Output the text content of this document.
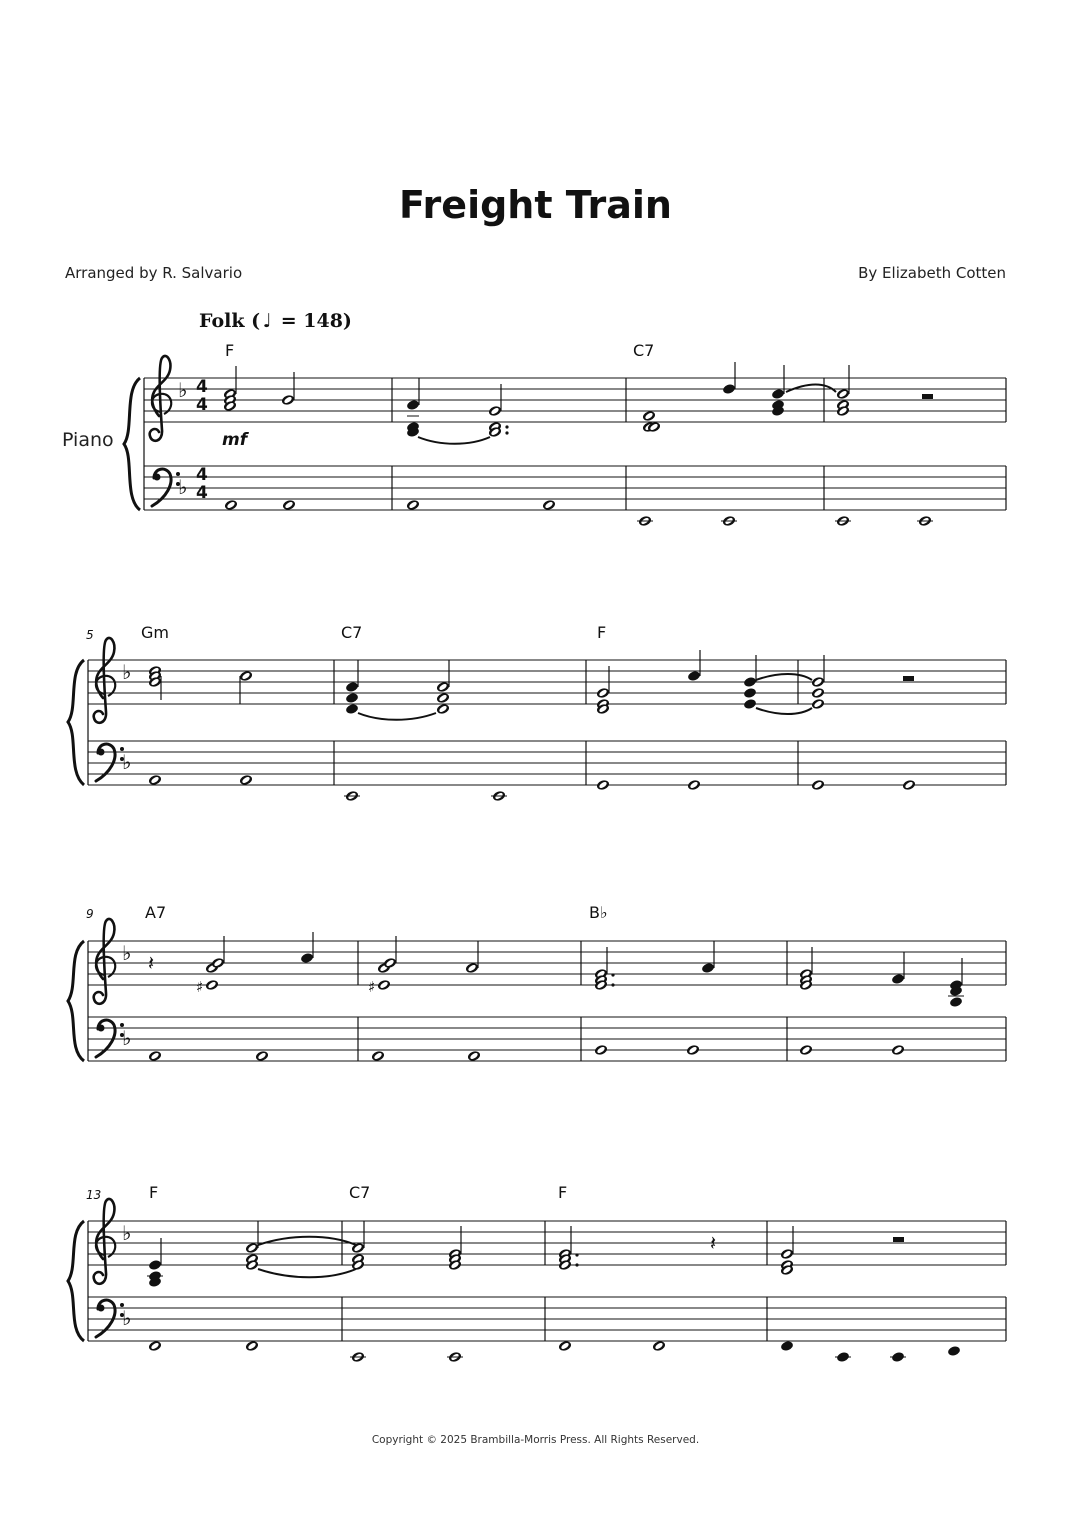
Freight Train
Arranged by R. Salvario	By Elizabeth Cotten
Folk ( ♩ = 148)
♭
♭
4
4
4
4
mf
Piano
F	C7
♭
♭
5	Gm	C7	F
♭
♭
9	A7	B♭
𝄽
♯	♯
♭
♭
13	F	C7	F
𝄽
Copyright © 2025 Brambilla-Morris Press. All Rights Reserved.
